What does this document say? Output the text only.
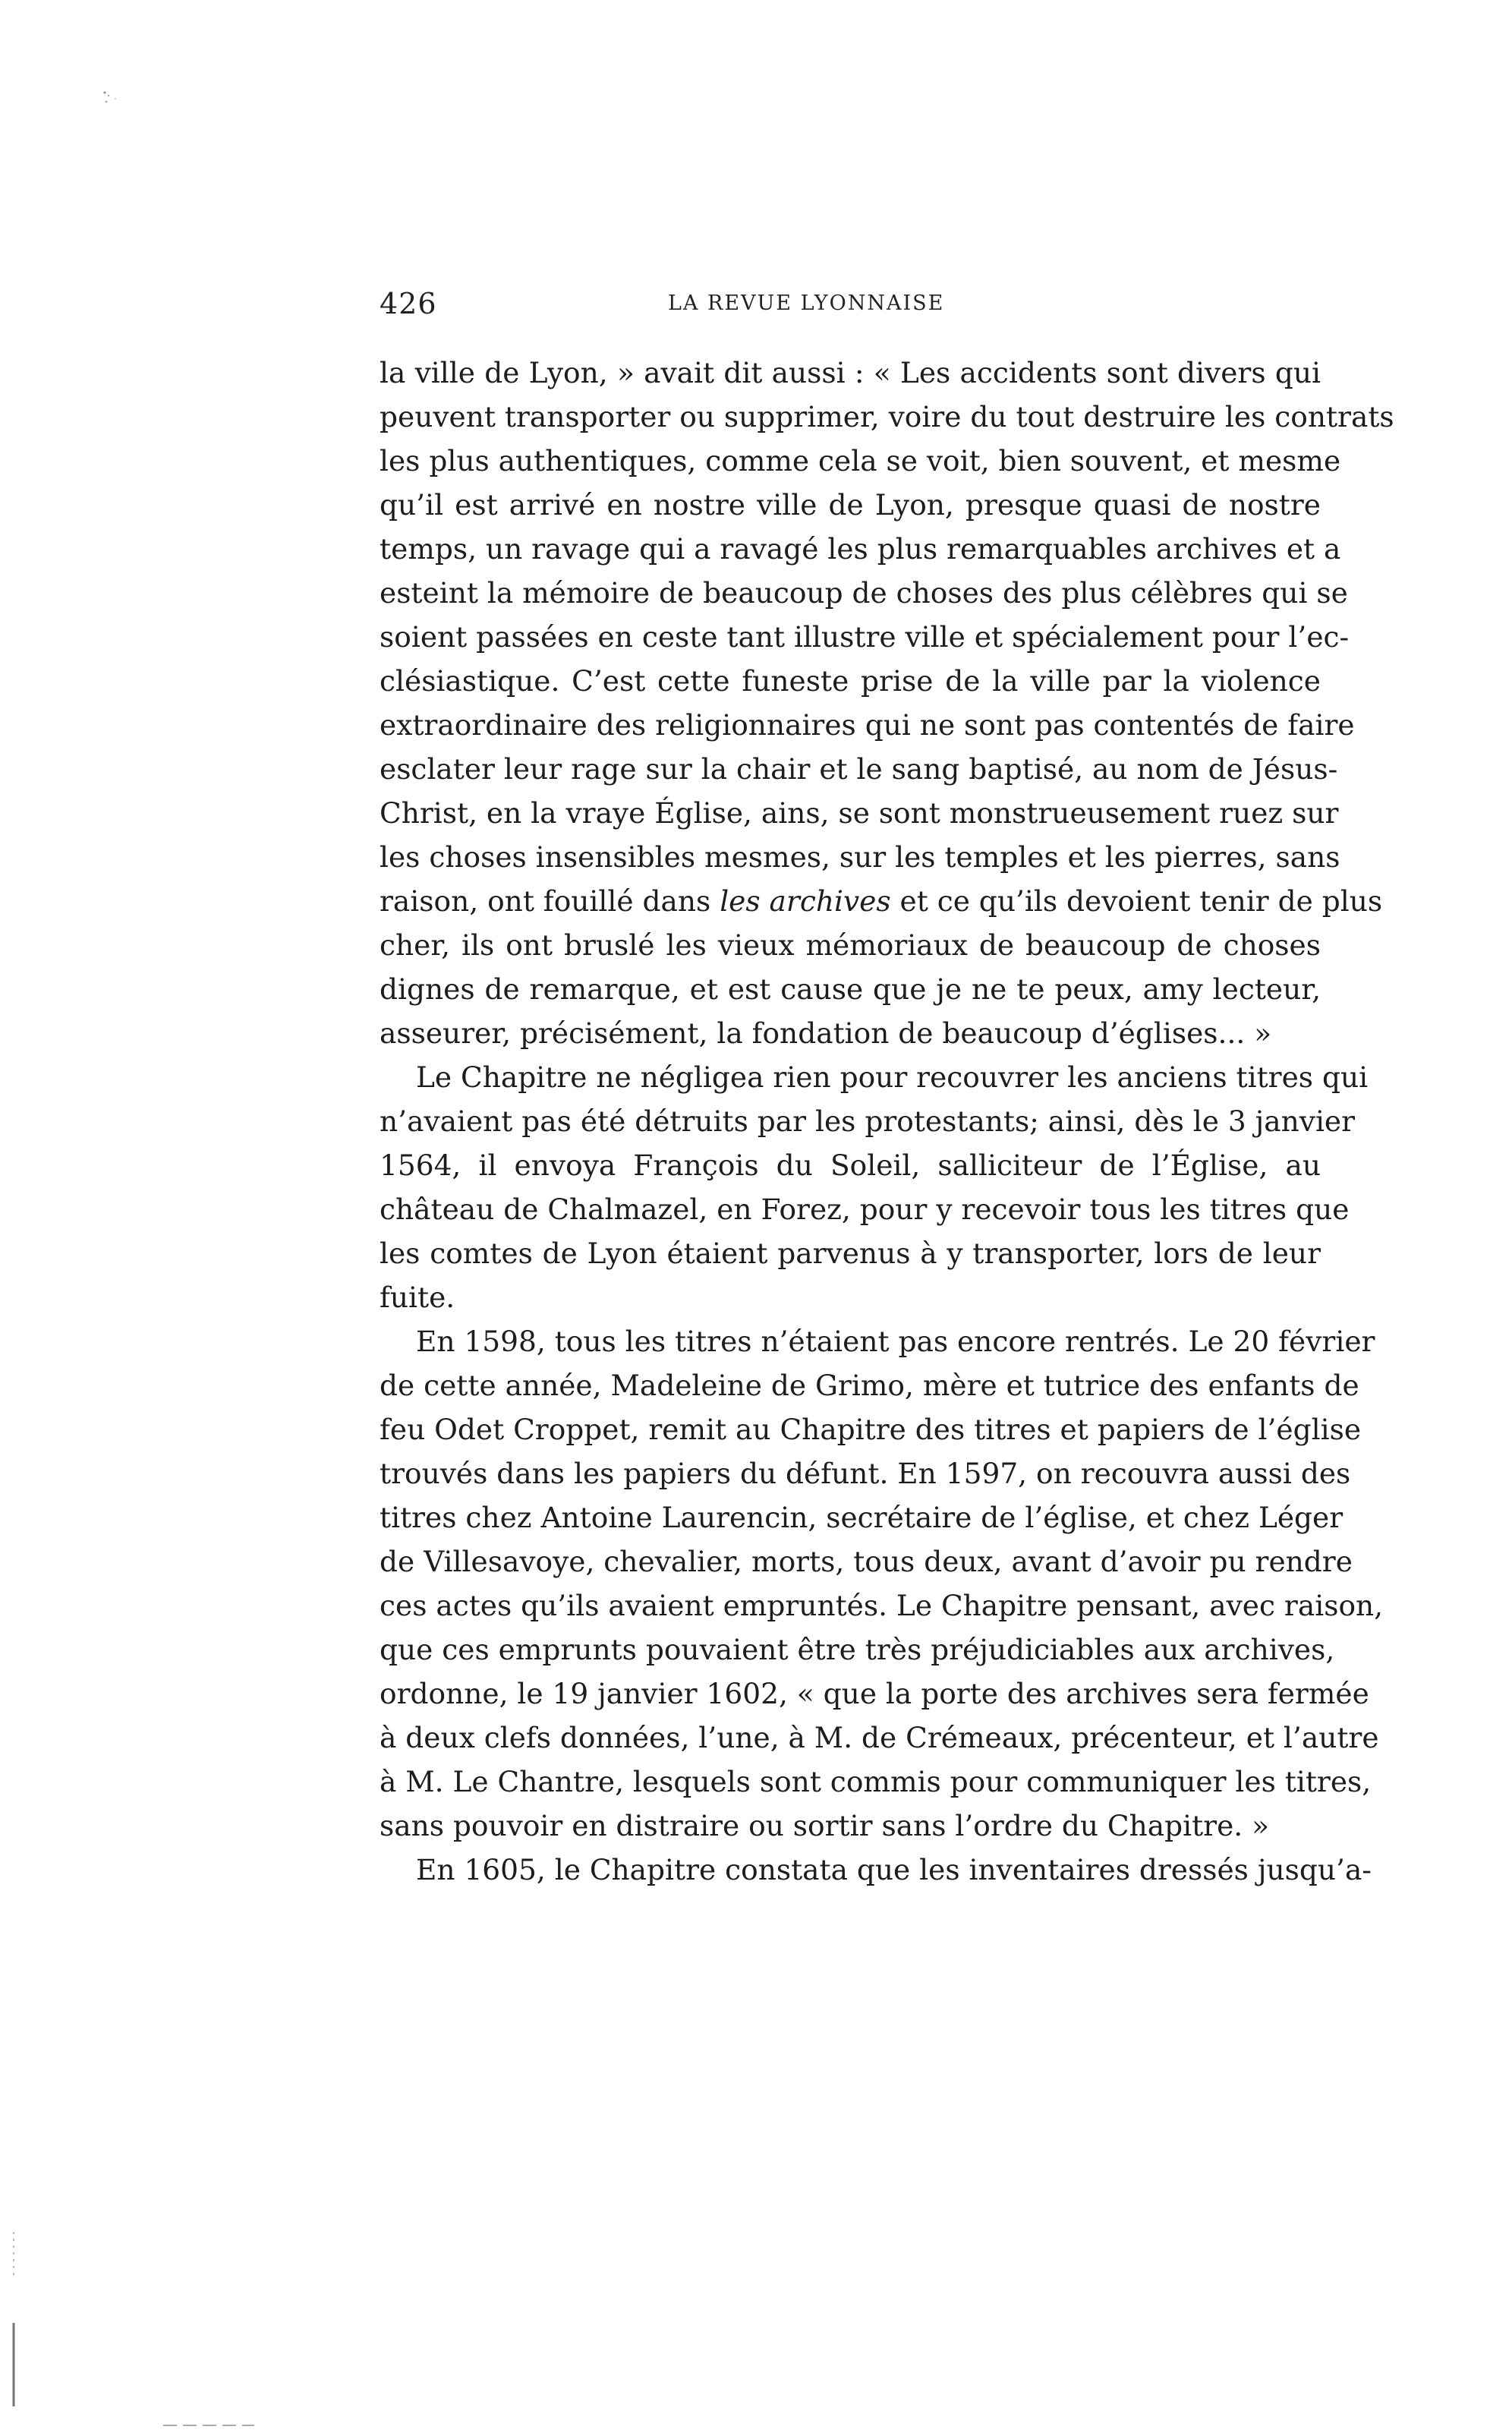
426	LA REVUE LYONNAISE
la ville de Lyon, » avait dit aussi : « Les accidents sont divers qui
peuvent transporter ou supprimer, voire du tout destruire les contrats
les plus authentiques, comme cela se voit, bien souvent, et mesme
qu’il est arrivé en nostre ville de Lyon, presque quasi de nostre
temps, un ravage qui a ravagé les plus remarquables archives et a
esteint la mémoire de beaucoup de choses des plus célèbres qui se
soient passées en ceste tant illustre ville et spécialement pour l’ec-
clésiastique. C’est cette funeste prise de la ville par la violence
extraordinaire des religionnaires qui ne sont pas contentés de faire
esclater leur rage sur la chair et le sang baptisé, au nom de Jésus-
Christ, en la vraye Église, ains, se sont monstrueusement ruez sur
les choses insensibles mesmes, sur les temples et les pierres, sans
raison, ont fouillé dans les archives et ce qu’ils devoient tenir de plus
cher, ils ont bruslé les vieux mémoriaux de beaucoup de choses
dignes de remarque, et est cause que je ne te peux, amy lecteur,
asseurer, précisément, la fondation de beaucoup d’églises... »
Le Chapitre ne négligea rien pour recouvrer les anciens titres qui
n’avaient pas été détruits par les protestants; ainsi, dès le 3 janvier
1564, il envoya François du Soleil, salliciteur de l’Église, au
château de Chalmazel, en Forez, pour y recevoir tous les titres que
les comtes de Lyon étaient parvenus à y transporter, lors de leur
fuite.
En 1598, tous les titres n’étaient pas encore rentrés. Le 20 février
de cette année, Madeleine de Grimo, mère et tutrice des enfants de
feu Odet Croppet, remit au Chapitre des titres et papiers de l’église
trouvés dans les papiers du défunt. En 1597, on recouvra aussi des
titres chez Antoine Laurencin, secrétaire de l’église, et chez Léger
de Villesavoye, chevalier, morts, tous deux, avant d’avoir pu rendre
ces actes qu’ils avaient empruntés. Le Chapitre pensant, avec raison,
que ces emprunts pouvaient être très préjudiciables aux archives,
ordonne, le 19 janvier 1602, « que la porte des archives sera fermée
à deux clefs données, l’une, à M. de Crémeaux, précenteur, et l’autre
à M. Le Chantre, lesquels sont commis pour communiquer les titres,
sans pouvoir en distraire ou sortir sans l’ordre du Chapitre. »
En 1605, le Chapitre constata que les inventaires dressés jusqu’a-
